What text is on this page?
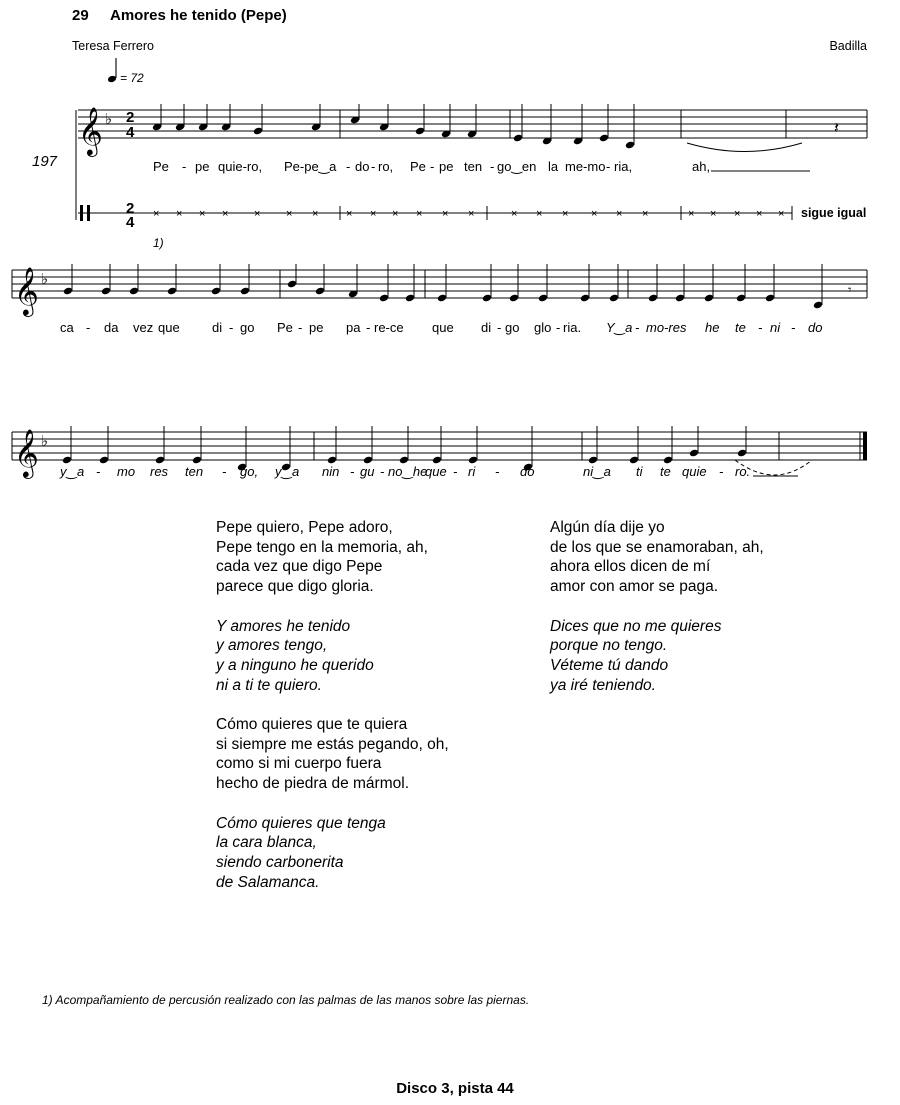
29 Amores he tenido (Pepe)
Teresa Ferrero	Badilla
= 72
197
𝄞 ♭ 2
4	𝄽
Pe - pe quie-ro, Pe-pe‿a - do - ro, Pe - pe ten - go‿en la me-mo - ria,	ah,
2
4 × × × × × × ×	× × × × × ×	× × × × × ×	× × × × × sigue igual
1)
𝄞 ♭
𝄾
ca - da vez que di - go Pe - pe pa - re-ce que di - go glo - ria. Y‿a - mo-res he te - ni - do
𝄞 ♭
y‿a - mo res ten - go, y‿a nin - gu - no‿he
que - ri - do	ni‿a ti te quie - ro.
Pepe quiero, Pepe adoro,
Pepe tengo en la memoria, ah,
cada vez que digo Pepe
parece que digo gloria.
Y amores he tenido
y amores tengo,
y a ninguno he querido
ni a ti te quiero.
Cómo quieres que te quiera
si siempre me estás pegando, oh,
como si mi cuerpo fuera
hecho de piedra de mármol.
Cómo quieres que tenga
la cara blanca,
siendo carbonerita
de Salamanca.
Algún día dije yo
de los que se enamoraban, ah,
ahora ellos dicen de mí
amor con amor se paga.
Dices que no me quieres
porque no tengo.
Véteme tú dando
ya iré teniendo.
1) Acompañamiento de percusión realizado con las palmas de las manos sobre las piernas.
Disco 3, pista 44
